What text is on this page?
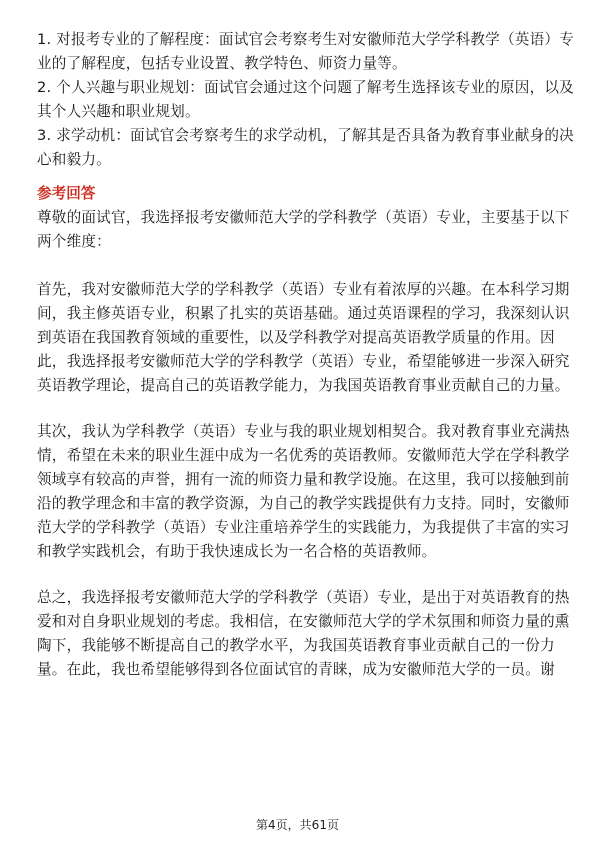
1. 对报考专业的了解程度：面试官会考察考生对安徽师范大学学科教学（英语）专
业的了解程度，包括专业设置、教学特色、师资力量等。
2. 个人兴趣与职业规划：面试官会通过这个问题了解考生选择该专业的原因，以及
其个人兴趣和职业规划。
3. 求学动机：面试官会考察考生的求学动机，了解其是否具备为教育事业献身的决
心和毅力。
参考回答
尊敬的面试官，我选择报考安徽师范大学的学科教学（英语）专业，主要基于以下
两个维度：
首先，我对安徽师范大学的学科教学（英语）专业有着浓厚的兴趣。在本科学习期
间，我主修英语专业，积累了扎实的英语基础。通过英语课程的学习，我深刻认识
到英语在我国教育领域的重要性，以及学科教学对提高英语教学质量的作用。因
此，我选择报考安徽师范大学的学科教学（英语）专业，希望能够进一步深入研究
英语教学理论，提高自己的英语教学能力，为我国英语教育事业贡献自己的力量。
其次，我认为学科教学（英语）专业与我的职业规划相契合。我对教育事业充满热
情，希望在未来的职业生涯中成为一名优秀的英语教师。安徽师范大学在学科教学
领域享有较高的声誉，拥有一流的师资力量和教学设施。在这里，我可以接触到前
沿的教学理念和丰富的教学资源，为自己的教学实践提供有力支持。同时，安徽师
范大学的学科教学（英语）专业注重培养学生的实践能力，为我提供了丰富的实习
和教学实践机会，有助于我快速成长为一名合格的英语教师。
总之，我选择报考安徽师范大学的学科教学（英语）专业，是出于对英语教育的热
爱和对自身职业规划的考虑。我相信，在安徽师范大学的学术氛围和师资力量的熏
陶下，我能够不断提高自己的教学水平，为我国英语教育事业贡献自己的一份力
量。在此，我也希望能够得到各位面试官的青睐，成为安徽师范大学的一员。谢
第4页，共61页
